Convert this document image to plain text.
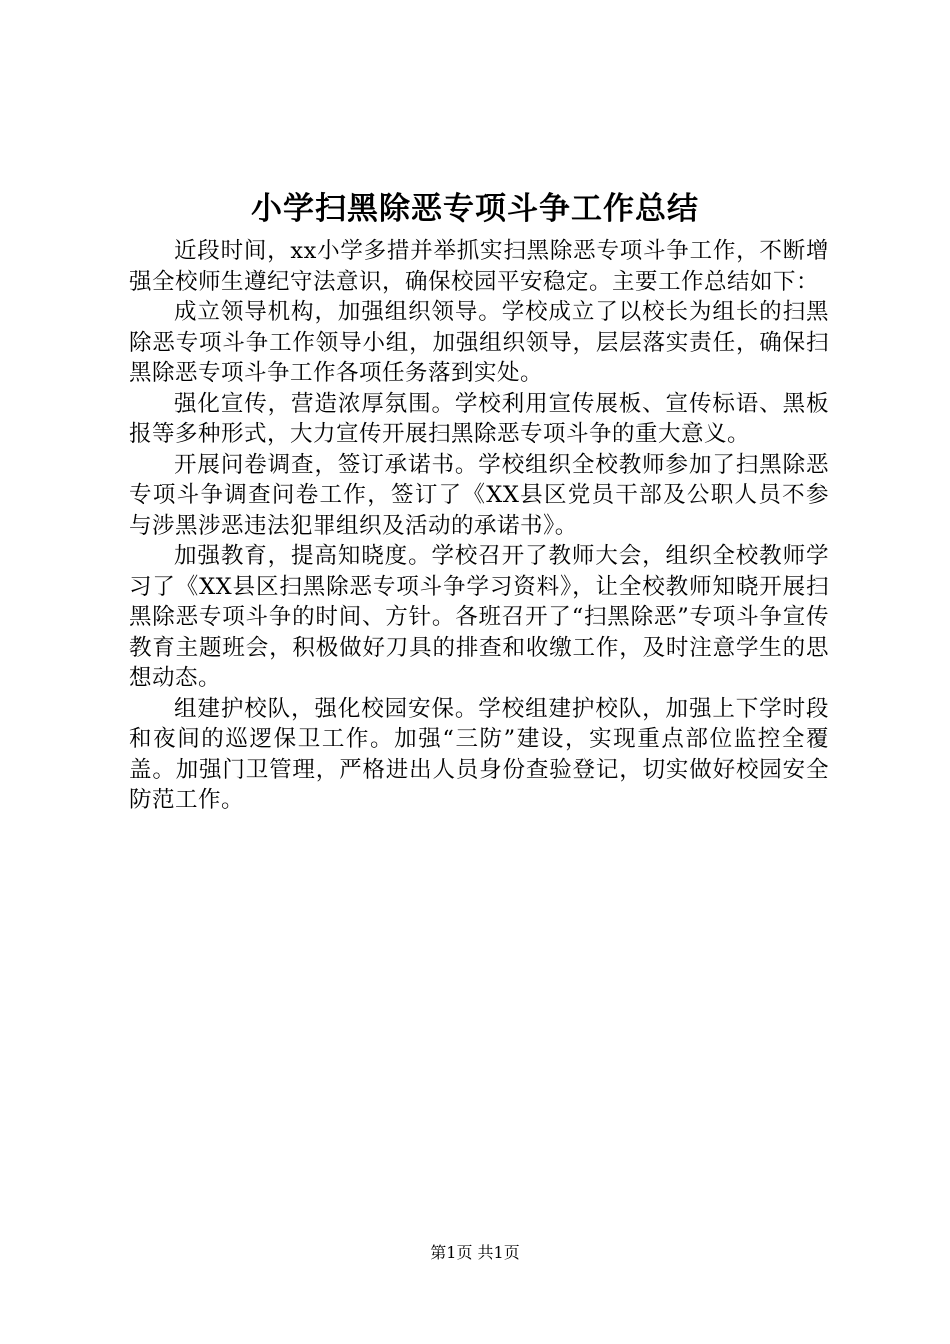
小学扫黑除恶专项斗争工作总结

近段时间，xx小学多措并举抓实扫黑除恶专项斗争工作，不断增强全校师生遵纪守法意识，确保校园平安稳定。主要工作总结如下：

成立领导机构，加强组织领导。学校成立了以校长为组长的扫黑除恶专项斗争工作领导小组，加强组织领导，层层落实责任，确保扫黑除恶专项斗争工作各项任务落到实处。

强化宣传，营造浓厚氛围。学校利用宣传展板、宣传标语、黑板报等多种形式，大力宣传开展扫黑除恶专项斗争的重大意义。

开展问卷调查，签订承诺书。学校组织全校教师参加了扫黑除恶专项斗争调查问卷工作，签订了《XX县区党员干部及公职人员不参与涉黑涉恶违法犯罪组织及活动的承诺书》。

加强教育，提高知晓度。学校召开了教师大会，组织全校教师学习了《XX县区扫黑除恶专项斗争学习资料》，让全校教师知晓开展扫黑除恶专项斗争的时间、方针。各班召开了“扫黑除恶”专项斗争宣传教育主题班会，积极做好刀具的排查和收缴工作，及时注意学生的思想动态。

组建护校队，强化校园安保。学校组建护校队，加强上下学时段和夜间的巡逻保卫工作。加强“三防”建设，实现重点部位监控全覆盖。加强门卫管理，严格进出人员身份查验登记，切实做好校园安全防范工作。

第1页 共1页
